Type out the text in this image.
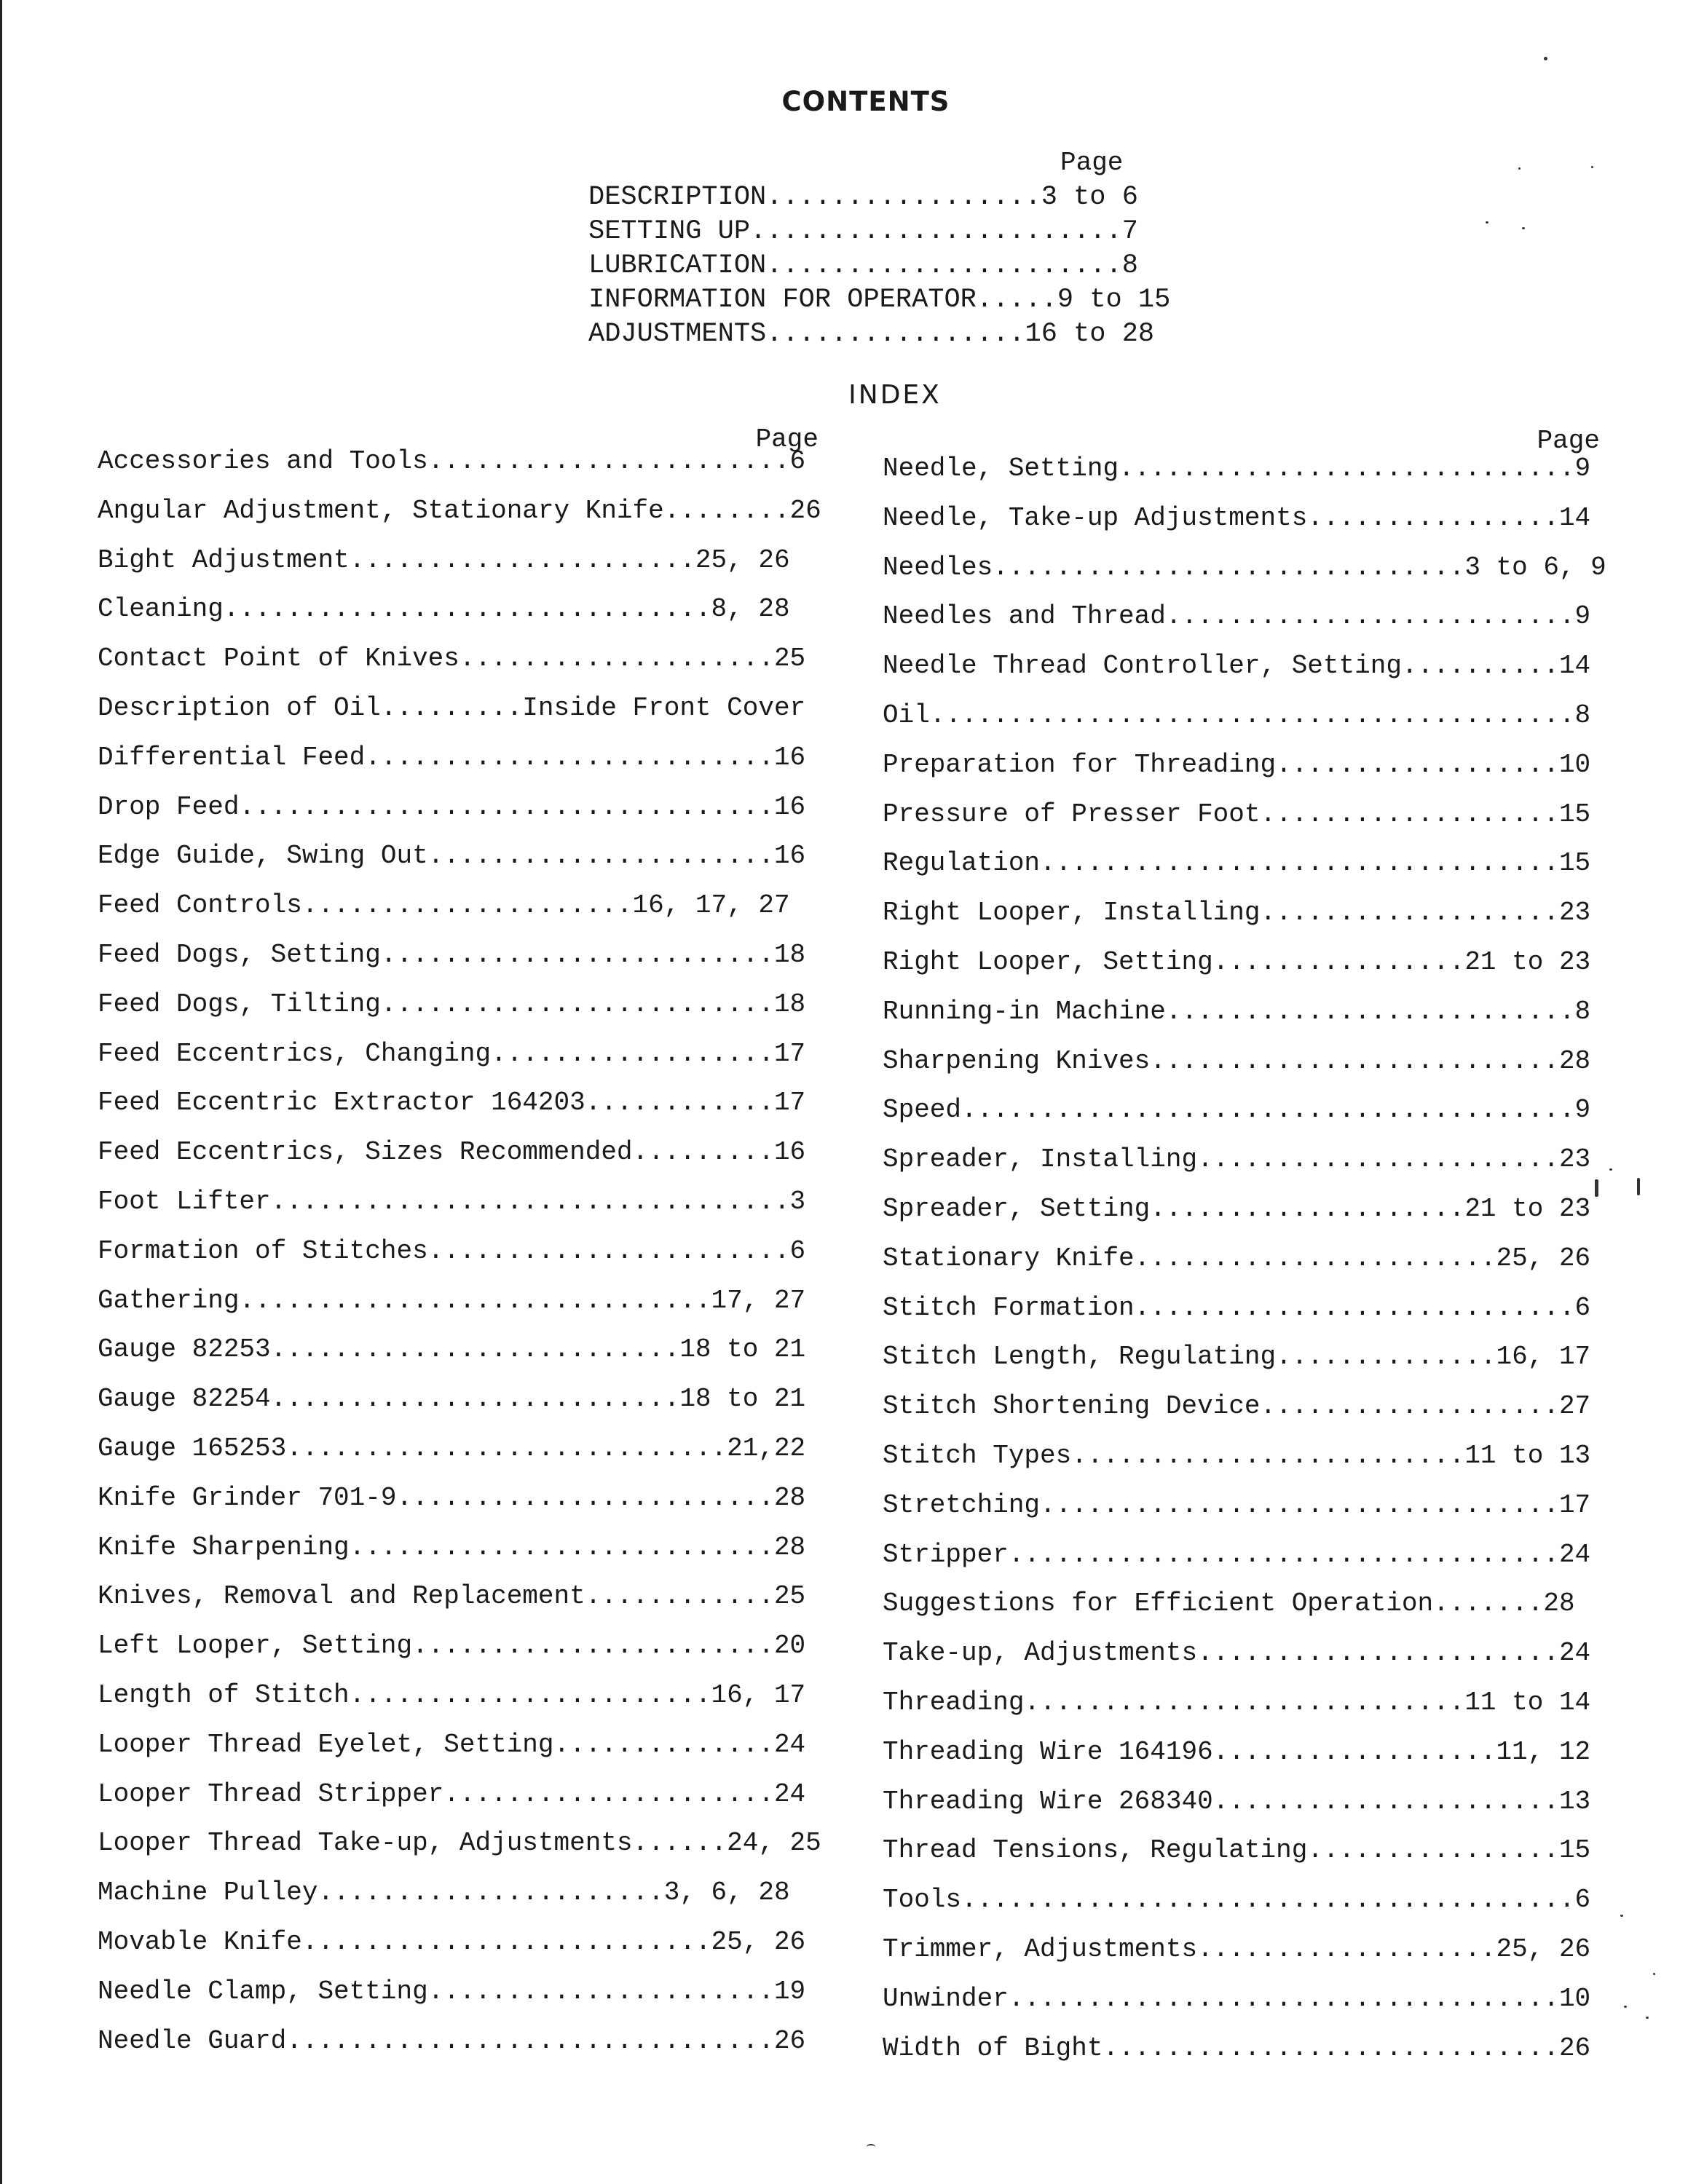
CONTENTS
Page
DESCRIPTION.................3 to 6
SETTING UP.......................7
LUBRICATION......................8
INFORMATION FOR OPERATOR.....9 to 15
ADJUSTMENTS................16 to 28
INDEX
Page
Accessories and Tools.......................6
Angular Adjustment, Stationary Knife........26
Bight Adjustment......................25, 26
Cleaning...............................8, 28
Contact Point of Knives....................25
Description of Oil.........Inside Front Cover
Differential Feed..........................16
Drop Feed..................................16
Edge Guide, Swing Out......................16
Feed Controls.....................16, 17, 27
Feed Dogs, Setting.........................18
Feed Dogs, Tilting.........................18
Feed Eccentrics, Changing..................17
Feed Eccentric Extractor 164203............17
Feed Eccentrics, Sizes Recommended.........16
Foot Lifter.................................3
Formation of Stitches.......................6
Gathering..............................17, 27
Gauge 82253..........................18 to 21
Gauge 82254..........................18 to 21
Gauge 165253............................21,22
Knife Grinder 701-9........................28
Knife Sharpening...........................28
Knives, Removal and Replacement............25
Left Looper, Setting.......................20
Length of Stitch.......................16, 17
Looper Thread Eyelet, Setting..............24
Looper Thread Stripper.....................24
Looper Thread Take-up, Adjustments......24, 25
Machine Pulley......................3, 6, 28
Movable Knife..........................25, 26
Needle Clamp, Setting......................19
Needle Guard...............................26
Page
Needle, Setting.............................9
Needle, Take-up Adjustments................14
Needles..............................3 to 6, 9
Needles and Thread..........................9
Needle Thread Controller, Setting..........14
Oil.........................................8
Preparation for Threading..................10
Pressure of Presser Foot...................15
Regulation.................................15
Right Looper, Installing...................23
Right Looper, Setting................21 to 23
Running-in Machine..........................8
Sharpening Knives..........................28
Speed.......................................9
Spreader, Installing.......................23
Spreader, Setting....................21 to 23
Stationary Knife.......................25, 26
Stitch Formation............................6
Stitch Length, Regulating..............16, 17
Stitch Shortening Device...................27
Stitch Types.........................11 to 13
Stretching.................................17
Stripper...................................24
Suggestions for Efficient Operation.......28
Take-up, Adjustments.......................24
Threading............................11 to 14
Threading Wire 164196..................11, 12
Threading Wire 268340......................13
Thread Tensions, Regulating................15
Tools.......................................6
Trimmer, Adjustments...................25, 26
Unwinder...................................10
Width of Bight.............................26
